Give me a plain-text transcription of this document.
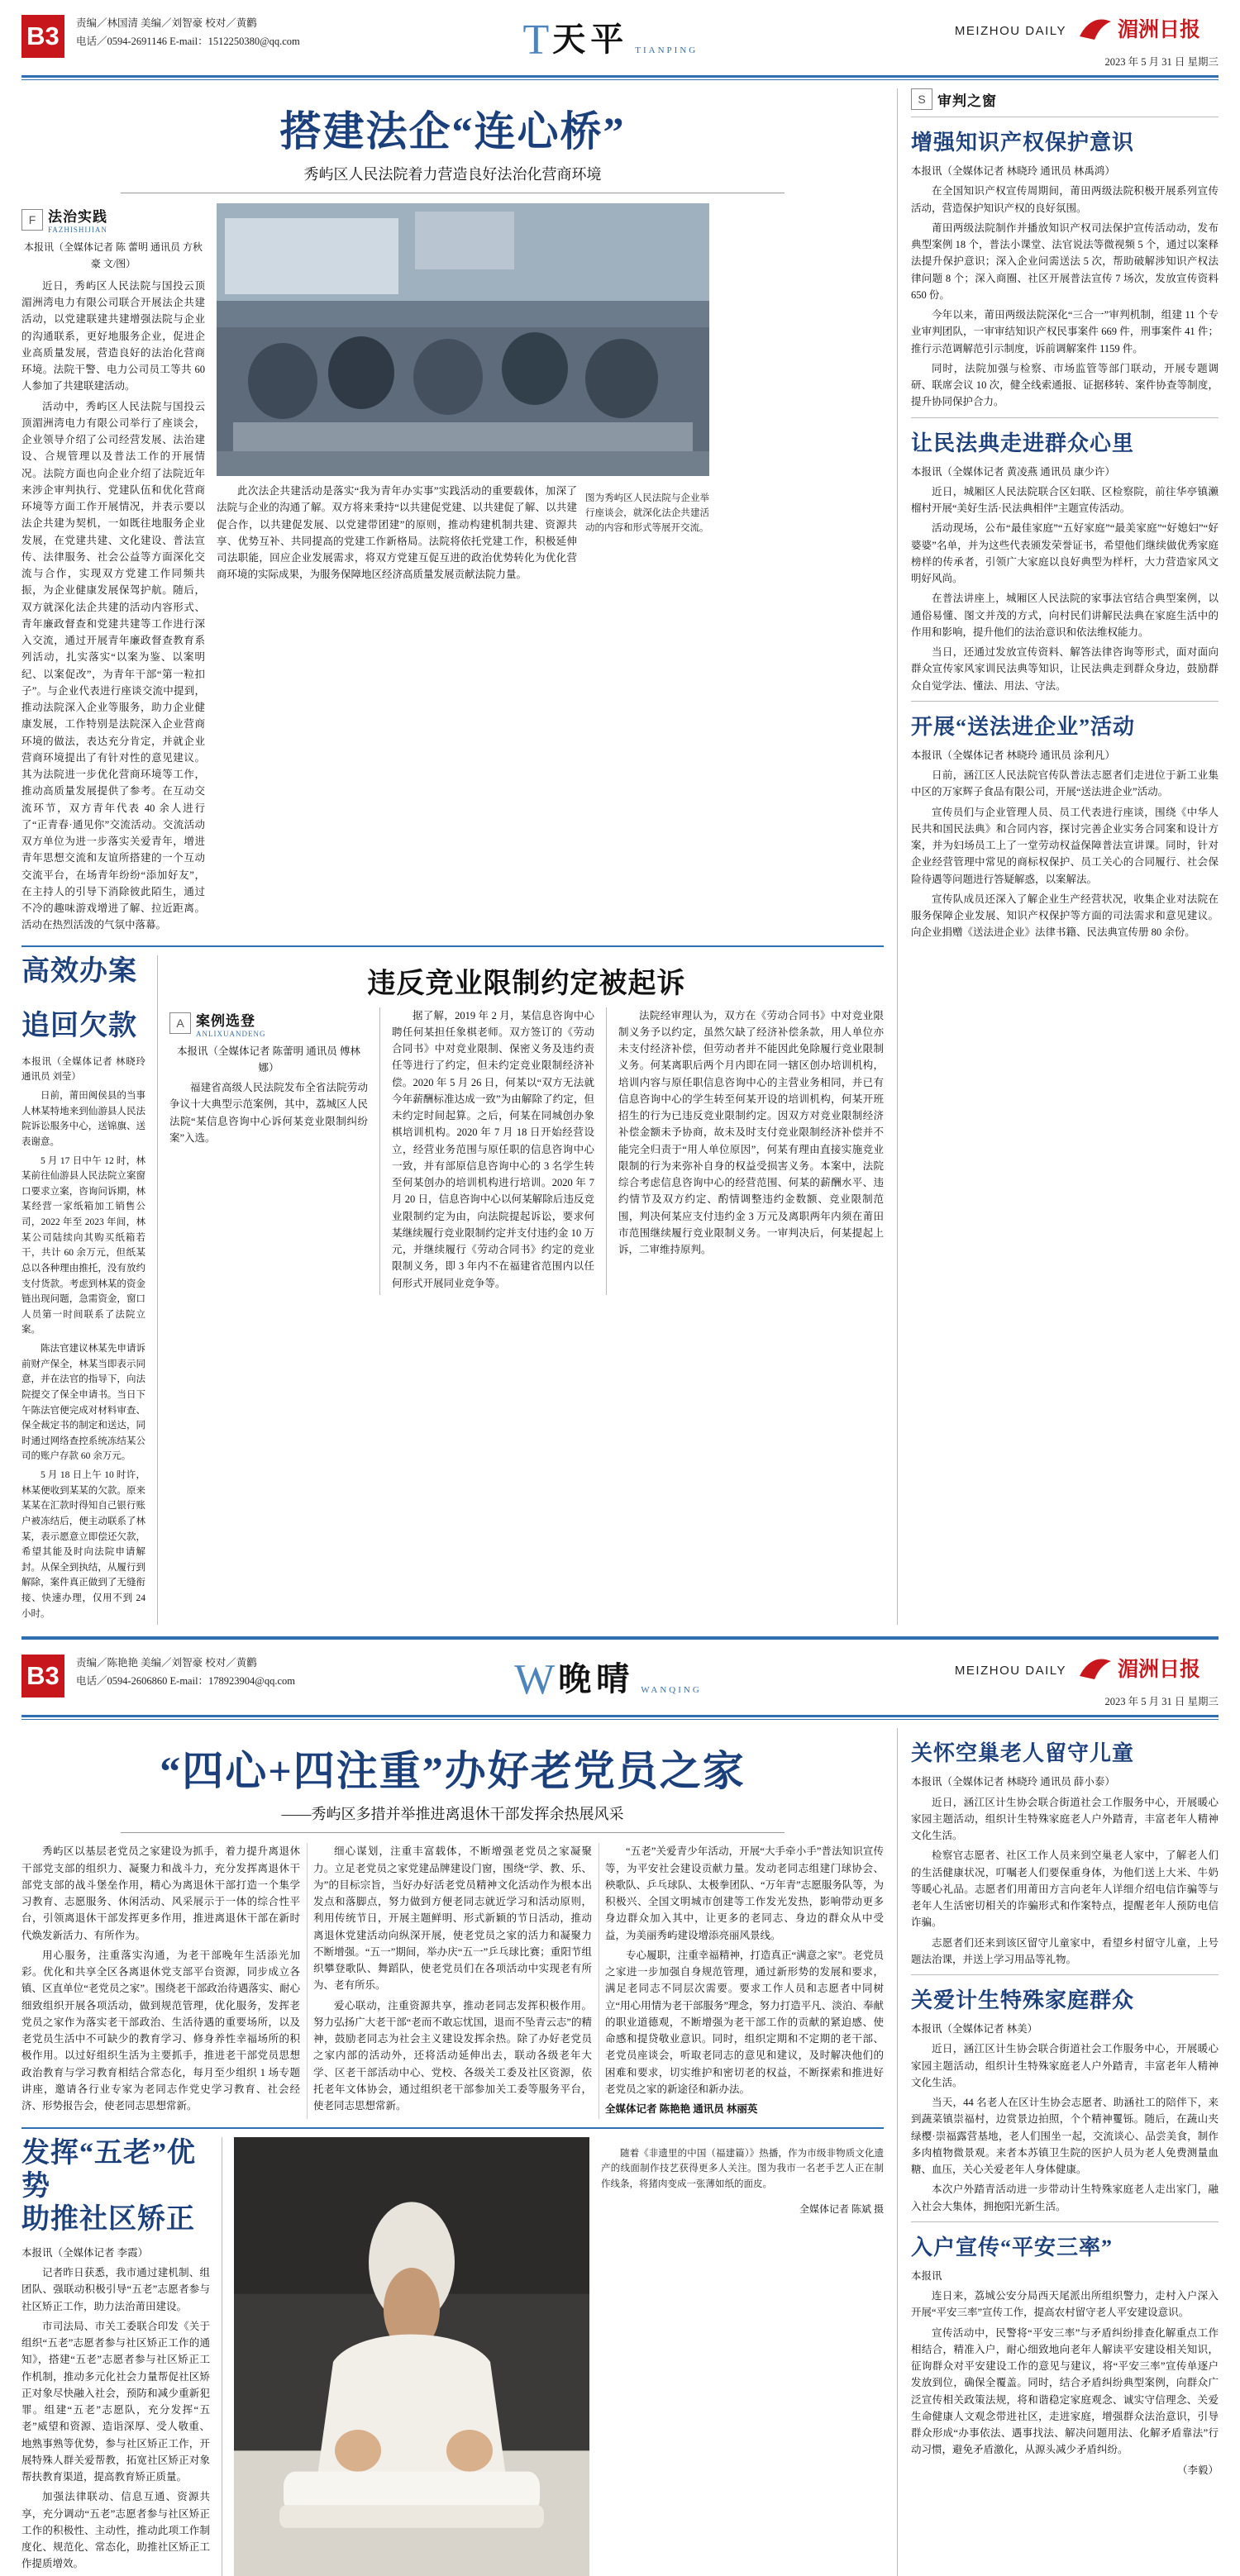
B3	责编／林国清 美编／刘智豪 校对／黄鹳
电话／0594-2691146 E-mail：1512250380@qq.com	T 天平 TIANPING
MEIZHOU DAILY 湄洲日报
2023 年 5 月 31 日 星期三
搭建法企“连心桥”
秀屿区人民法院着力营造良好法治化营商环境
F 法治实践
FAZHISHIJIAN
本报讯（全媒体记者 陈 蕾明 通讯员 方秋豪 文/图）

近日，秀屿区人民法院与国投云顶湄洲湾电力有限公司联合开展法企共建活动，以党建联建共建增强法院与企业的沟通联系，更好地服务企业，促进企业高质量发展，营造良好的法治化营商环境。法院干警、电力公司员工等共 60 人参加了共建联建活动。

活动中，秀屿区人民法院与国投云顶湄洲湾电力有限公司举行了座谈会，企业领导介绍了公司经营发展、法治建设、合规管理以及普法工作的开展情况。法院方面也向企业介绍了法院近年来涉企审判执行、党建队伍和优化营商环境等方面工作开展情况，并表示要以法企共建为契机，一如既往地服务企业发展，在党建共建、文化建设、普法宣传、法律服务、社会公益等方面深化交流与合作，实现双方党建工作同频共振，为企业健康发展保驾护航。随后，双方就深化法企共建的活动内容形式、青年廉政督查和党建共建等工作进行深入交流，通过开展青年廉政督查教育系列活动，扎实落实“以案为鉴、以案明纪、以案促改”，为青年干部“第一粒扣子”。与企业代表进行座谈交流中提到，推动法院深入企业等服务，助力企业健康发展，工作特别是法院深入企业营商环境的做法，表达充分肯定，并就企业营商环境提出了有针对性的意见建议。其为法院进一步优化营商环境等工作，推动高质量发展提供了参考。在互动交流环节，双方青年代表 40 余人进行了“正青春·通见你”交流活动。交流活动双方单位为进一步落实关爱青年，增进青年思想交流和友谊所搭建的一个互动交流平台，在场青年纷纷“添加好友”，在主持人的引导下消除彼此陌生，通过不冷的趣味游戏增进了解、拉近距离。活动在热烈活泼的气氛中落幕。

此次法企共建活动是落实“我为青年办实事”实践活动的重要载体，加深了法院与企业的沟通了解。双方将来秉持“以共建促党建、以共建促了解、以共建促合作，以共建促发展、以党建带团建”的原则，推动构建机制共建、资源共享、优势互补、共同提高的党建工作新格局。法院将依托党建工作，积极延伸司法职能，回应企业发展需求，将双方党建互促互进的政治优势转化为优化营商环境的实际成果，为服务保障地区经济高质量发展贡献法院力量。

图为秀屿区人民法院与企业举行座谈会，就深化法企共建活动的内容和形式等展开交流。

高效办案
追回欠款

本报讯（全媒体记者 林晓玲 通讯员 刘莹）

日前，莆田闽侯县的当事人林某特地来到仙游县人民法院诉讼服务中心，送锦旗、送表谢意。

5 月 17 日中午 12 时，林某前往仙游县人民法院立案窗口要求立案，咨询问诉期，林某经营一家纸箱加工销售公司，2022 年至 2023 年间，林某公司陆续向其购买纸箱若干，共计 60 余万元，但纸某总以各种理由推托，没有放约支付货款。考虑到林某的资金链出现问题，急需资金，窗口人员第一时间联系了法院立案。

陈法官建议林某先申请诉前财产保全，林某当即表示同意，并在法官的指导下，向法院提交了保全申请书。当日下午陈法官便完成对材料审查、保全裁定书的制定和送达，同时通过网络查控系统冻结某公司的账户存款 60 余万元。

5 月 18 日上午 10 时许，林某便收到某某的欠款。原来某某在汇款时得知自己银行账户被冻结后，便主动联系了林某，表示愿意立即偿还欠款，希望其能及时向法院申请解封。从保全到执结，从履行到解除，案件真正做到了无缝衔接、快速办理，仅用不到 24 小时。

违反竞业限制约定被起诉
A 案例选登
ANLIXUANDENG

本报讯（全媒体记者 陈蕾明 通讯员 傅林娜）

福建省高级人民法院发布全省法院劳动争议十大典型示范案例，其中，荔城区人民法院“某信息咨询中心诉何某竞业限制纠纷案”入选。

据了解，2019 年 2 月，某信息咨询中心聘任何某担任象棋老师。双方签订的《劳动合同书》中对竞业限制、保密义务及违约责任等进行了约定，但未约定竞业限制经济补偿。2020 年 5 月 26 日，何某以“双方无法就今年薪酬标准达成一致”为由解除了约定，但未约定时间起算。之后，何某在同城创办象棋培训机构。2020 年 7 月 18 日开始经营设立，经营业务范围与原任职的信息咨询中心一致，并有部原信息咨询中心的 3 名学生转至何某创办的培训机构进行培训。2020 年 7 月 20 日，信息咨询中心以何某解除后违反竞业限制约定为由，向法院提起诉讼，要求何某继续履行竞业限制约定并支付违约金 10 万元，并继续履行《劳动合同书》约定的竞业限制义务，即 3 年内不在福建省范围内以任何形式开展同业竞争等。

法院经审理认为，双方在《劳动合同书》中对竞业限制义务予以约定，虽然欠缺了经济补偿条款，用人单位亦未支付经济补偿，但劳动者并不能因此免除履行竞业限制义务。何某离职后两个月内即在同一辖区创办培训机构，培训内容与原任职信息咨询中心的主营业务相同，并已有信息咨询中心的学生转至何某开设的培训机构，何某开班招生的行为已违反竞业限制约定。因双方对竞业限制经济补偿金额未予协商，故未及时支付竞业限制经济补偿并不能完全归责于“用人单位原因”，何某有理由直接实施竞业限制的行为来弥补自身的权益受损害义务。本案中，法院综合考虑信息咨询中心的经营范围、何某的薪酬水平、违约情节及双方约定、酌情调整违约金数额、竞业限制范围，判决何某应支付违约金 3 万元及离职两年内须在莆田市范围继续履行竞业限制义务。一审判决后，何某提起上诉，二审维持原判。

S 审判之窗
增强知识产权保护意识

本报讯（全媒体记者 林晓玲 通讯员 林禹鸿）

在全国知识产权宣传周期间，莆田两级法院积极开展系列宣传活动，营造保护知识产权的良好氛围。

莆田两级法院制作并播放知识产权司法保护宣传活动动，发布典型案例 18 个，普法小课堂、法官说法等微视频 5 个，通过以案释法提升保护意识；深入企业问需送法 5 次，帮助破解涉知识产权法律问题 8 个；深入商圈、社区开展普法宣传 7 场次，发放宣传资料 650 份。

今年以来，莆田两级法院深化“三合一”审判机制，组建 11 个专业审判团队，一审审结知识产权民事案件 669 件，刑事案件 41 件；推行示范调解范引示制度，诉前调解案件 1159 件。

同时，法院加强与检察、市场监管等部门联动，开展专题调研、联席会议 10 次，健全线索通报、证据移转、案件协查等制度，提升协同保护合力。

让民法典走进群众心里

本报讯（全媒体记者 黄凌燕 通讯员 康少许）

近日，城厢区人民法院联合区妇联、区检察院，前往华亭镇濑榴村开展“美好生活·民法典相伴”主题宣传活动。

活动现场，公布“最佳家庭”“五好家庭”“最美家庭”“好媳妇”“好婆婆”名单，并为这些代表颁发荣誉证书，希望他们继续做优秀家庭榜样的传承者，引领广大家庭以良好典型为样杆，大力营造家风文明好风尚。

在普法讲座上，城厢区人民法院的家事法官结合典型案例，以通俗易懂、图文并茂的方式，向村民们讲解民法典在家庭生活中的作用和影响，提升他们的法治意识和依法维权能力。

当日，还通过发放宣传资料、解答法律咨询等形式，面对面向群众宣传家风家训民法典等知识，让民法典走到群众身边，鼓励群众自觉学法、懂法、用法、守法。

开展“送法进企业”活动

本报讯（全媒体记者 林晓玲 通讯员 涂利凡）

日前，涵江区人民法院官传队普法志愿者们走进位于新工业集中区的万家辉子食品有限公司，开展“送法进企业”活动。

宣传员们与企业管理人员、员工代表进行座谈，围绕《中华人民共和国民法典》和合同内容，探讨完善企业实务合同案和设计方案，并为妇场员工上了一堂劳动权益保障普法宣讲课。同时，针对企业经营管理中常见的商标权保护、员工关心的合同履行、社会保险待遇等问题进行答疑解惑，以案解法。

宣传队成员还深入了解企业生产经营状况，收集企业对法院在服务保障企业发展、知识产权保护等方面的司法需求和意见建议。向企业捐赠《送法进企业》法律书籍、民法典宣传册 80 余份。

B3	责编／陈艳艳 美编／刘智豪 校对／黄鹳
电话／0594-2606860 E-mail：178923904@qq.com	W 晚晴 WANQING
MEIZHOU DAILY 湄洲日报
2023 年 5 月 31 日 星期三
“四心+四注重”办好老党员之家
——秀屿区多措并举推进离退休干部发挥余热展风采

秀屿区以基层老党员之家建设为抓手，着力提升离退休干部党支部的组织力、凝聚力和战斗力，充分发挥离退休干部党支部的战斗堡垒作用，精心为离退休干部打造一个集学习教育、志愿服务、休闲活动、风采展示于一体的综合性平台，引领离退休干部发挥更多作用，推进离退休干部在新时代焕发新活力、有所作为。

用心服务，注重落实沟通，为老干部晚年生活添光加彩。优化和共享全区各离退休党支部平台资源，同步成立各镇、区直单位“老党员之家”。围绕老干部政治待遇落实、耐心细致组织开展各项活动，做到规范管理，优化服务，发挥老党员之家作为落实老干部政治、生活待遇的重要场所，以及老党员生活中不可缺少的教育学习、修身养性幸福场所的积极作用。以过好组织生活为主要抓手，推进老干部党员思想政治教育与学习教育相结合常态化，每月至少组织 1 场专题讲座，邀请各行业专家为老同志作党史学习教育、社会经济、形势报告会，使老同志思想常新。

细心谋划，注重丰富载体，不断增强老党员之家凝聚力。立足老党员之家党建品牌建设门窗，围绕“学、教、乐、为”的目标宗旨，当好办好活老党员精神文化活动作为根本出发点和落脚点，努力做到方便老同志就近学习和活动原则，利用传统节日，开展主题鲜明、形式新颖的节日活动，推动离退休党建活动向纵深开展，使老党员之家的活力和凝聚力不断增强。“五一”期间，举办庆“五一”乒乓球比赛；重阳节组织攀登歌队、舞蹈队，使老党员们在各项活动中实现老有所为、老有所乐。

爱心联动，注重资源共享，推动老同志发挥积极作用。努力弘扬广大老干部“老而不敢忘忧国，退而不坠青云志”的精神，鼓励老同志为社会主义建设发挥余热。除了办好老党员之家内部的活动外，还将活动延伸出去，联动各级老年大学、区老干部活动中心、党校、各级关工委及社区资源，依托老年文体协会，通过组织老干部参加关工委等服务平台，使老同志思想常新。

“五老”关爱青少年活动，开展“大手牵小手”普法知识宣传等，为平安社会建设贡献力量。发动老同志组建门球协会、秧歌队、乒乓球队、太极拳团队、“万年青”志愿服务队等，为积极兴、全国文明城市创建等工作发光发热，影响带动更多身边群众加入其中，让更多的老同志、身边的群众从中受益，为美丽秀屿建设增添亮丽风景线。

专心履职，注重幸福精神，打造真正“满意之家”。老党员之家进一步加强自身规范管理，通过新形势的发展和要求，满足老同志不同层次需要。要求工作人员和志愿者中同树立“用心用情为老干部服务”理念，努力打造平凡、淡泊、奉献的职业道德观，不断增强为老干部工作的贡献的紧迫感、使命感和提贷敬业意识。同时，组织定期和不定期的老干部、老党员座谈会，听取老同志的意见和建议，及时解决他们的困难和要求，切实维护和密切老的权益，不断探索和推进好老党员之家的新途径和新办法。

全媒体记者 陈艳艳 通讯员 林丽英

发挥“五老”优势
助推社区矫正

本报讯（全媒体记者 李霞）

记者昨日获悉，我市通过建机制、组团队、强联动积极引导“五老”志愿者参与社区矫正工作，助力法治莆田建设。

市司法局、市关工委联合印发《关于组织“五老”志愿者参与社区矫正工作的通知》，搭建“五老”志愿者参与社区矫正工作机制，推动多元化社会力量帮促社区矫正对象尽快融入社会，预防和减少重新犯罪。组建“五老”志愿队，充分发挥“五老”威望和资源、造诣深厚、受人敬重、地熟事熟等优势，参与社区矫正工作，开展特殊人群关爱帮教，拓宽社区矫正对象帮扶教育渠道，提高教育矫正质量。

加强法律联动、信息互通、资源共享，充分调动“五老”志愿者参与社区矫正工作的积极性、主动性，推动此项工作制度化、规范化、常态化，助推社区矫正工作提质增效。

随着《非遗里的中国（福建篇）》热播，作为市级非物质文化遗产的线面制作技艺获得更多人关注。图为我市一名老手艺人正在制作线条，将猪肉变成一张薄如纸的面皮。

全媒体记者 陈斌 摄

关怀空巢老人留守儿童

本报讯（全媒体记者 林晓玲 通讯员 薛小泰）

近日，涵江区计生协会联合街道社会工作服务中心，开展暖心家园主题活动，组织计生特殊家庭老人户外踏青，丰富老年人精神文化生活。

检察官志愿者、社区工作人员来到空巢老人家中，了解老人们的生活健康状况，叮嘱老人们要保重身体，为他们送上大米、牛奶等暖心礼品。志愿者们用莆田方言向老年人详细介绍电信诈骗等与老年人生活密切相关的诈骗形式和作案特点，提醒老年人预防电信诈骗。

志愿者们还来到该区留守儿童家中，看望乡村留守儿童，上号题法治课，并送上学习用品等礼物。

关爱计生特殊家庭群众

本报讯（全媒体记者 林美）

近日，涵江区计生协会联合街道社会工作服务中心，开展暖心家园主题活动，组织计生特殊家庭老人户外踏青，丰富老年人精神文化生活。

当天，44 名老人在区计生协会志愿者、助涵社工的陪伴下，来到蔬菜镇崇福村，边赏景边拍照，个个精神矍铄。随后，在蔬山夹绿樱·崇福露营基地，老人们围坐一起，交流谈心、品尝美食，制作多肉植物微景观。来者本苏镇卫生院的医护人员为老人免费测量血糖、血压，关心关爱老年人身体健康。

本次户外踏青活动进一步带动计生特殊家庭老人走出家门，融入社会大集体，拥抱阳光新生活。

入户宣传“平安三率”

本报讯

连日来，荔城公安分局西天尾派出所组织警力，走村入户深入开展“平安三率”宣传工作，提高农村留守老人平安建设意识。

宣传活动中，民警将“平安三率”与矛盾纠纷排查化解重点工作相结合，精准入户，耐心细致地向老年人解读平安建设相关知识，征询群众对平安建设工作的意见与建议，将“平安三率”宣传单逐户发放到位，确保全覆盖。同时，结合矛盾纠纷典型案例，向群众广泛宣传相关政策法规，将和谐稳定家庭观念、诚实守信理念、关爱生命健康人文观念带进社区，走进家庭，增强群众法治意识，引导群众形成“办事依法、遇事找法、解决问题用法、化解矛盾靠法”行动习惯，避免矛盾激化，从源头减少矛盾纠纷。

（李毅）
